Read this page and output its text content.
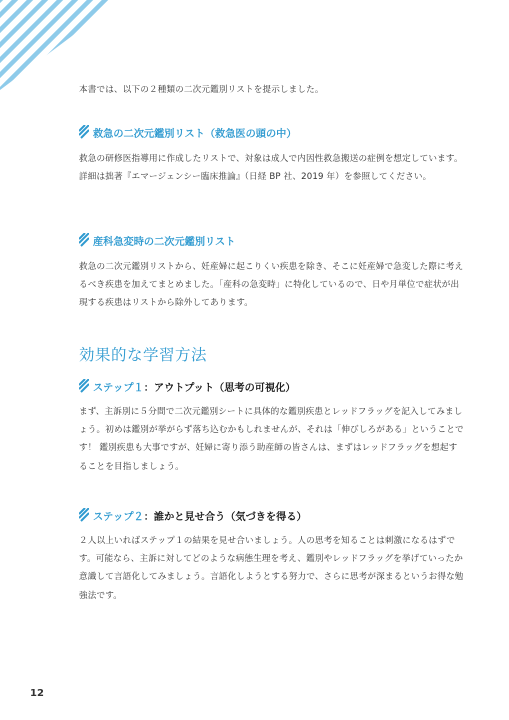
本書では、以下の２種類の二次元鑑別リストを提示しました。
救急の二次元鑑別リスト（救急医の頭の中）
救急の研修医指導用に作成したリストで、対象は成人で内因性救急搬送の症例を想定しています。詳細は拙著『エマージェンシー臨床推論』（日経 BP 社、2019 年）を参照してください。
産科急変時の二次元鑑別リスト
救急の二次元鑑別リストから、妊産婦に起こりくい疾患を除き、そこに妊産婦で急変した際に考えるべき疾患を加えてまとめました。「産科の急変時」に特化しているので、日や月単位で症状が出現する疾患はリストから除外してあります。
効果的な学習方法
ステップ１ ：アウトプット（思考の可視化）
まず、主訴別に５分間で二次元鑑別シートに具体的な鑑別疾患とレッドフラッグを記入してみましょう。初めは鑑別が挙がらず落ち込むかもしれませんが、それは「伸びしろがある」ということです！ 鑑別疾患も大事ですが、妊婦に寄り添う助産師の皆さんは、まずはレッドフラッグを想起することを目指しましょう。
ステップ２ ：誰かと見せ合う（気づきを得る）
２人以上いればステップ１の結果を見せ合いましょう。人の思考を知ることは刺激になるはずです。可能なら、主訴に対してどのような病態生理を考え、鑑別やレッドフラッグを挙げていったか意識して言語化してみましょう。言語化しようとする努力で、さらに思考が深まるというお得な勉強法です。
12
